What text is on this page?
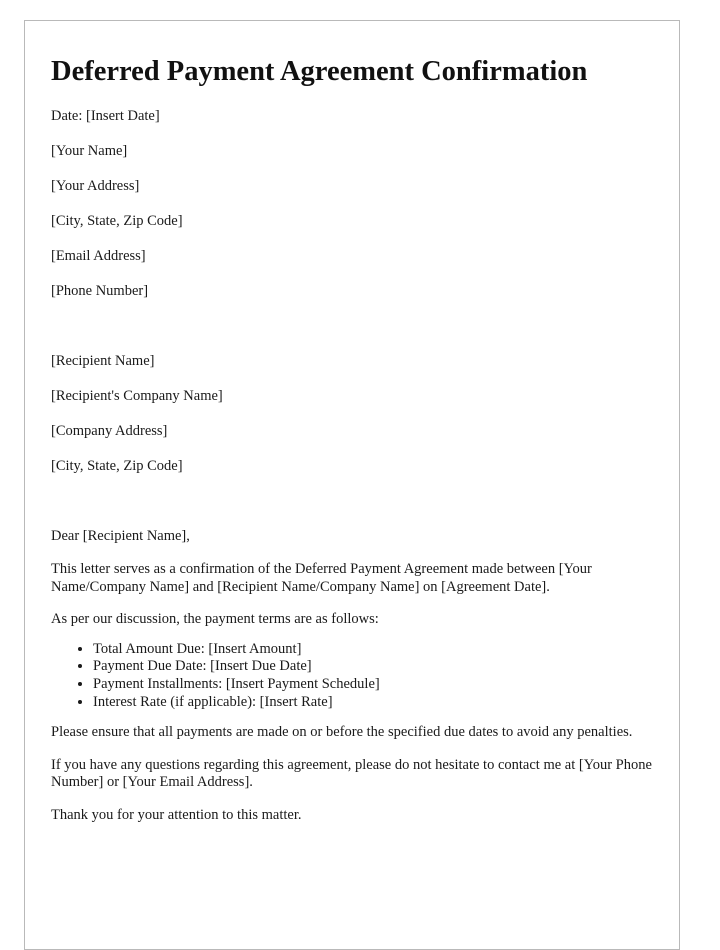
Deferred Payment Agreement Confirmation

Date: [Insert Date]

[Your Name]

[Your Address]

[City, State, Zip Code]

[Email Address]

[Phone Number]

[Recipient Name]

[Recipient's Company Name]

[Company Address]

[City, State, Zip Code]

Dear [Recipient Name],

This letter serves as a confirmation of the Deferred Payment Agreement made between [Your Name/Company Name] and [Recipient Name/Company Name] on [Agreement Date].

As per our discussion, the payment terms are as follows:

• Total Amount Due: [Insert Amount]
• Payment Due Date: [Insert Due Date]
• Payment Installments: [Insert Payment Schedule]
• Interest Rate (if applicable): [Insert Rate]

Please ensure that all payments are made on or before the specified due dates to avoid any penalties.

If you have any questions regarding this agreement, please do not hesitate to contact me at [Your Phone Number] or [Your Email Address].

Thank you for your attention to this matter.
